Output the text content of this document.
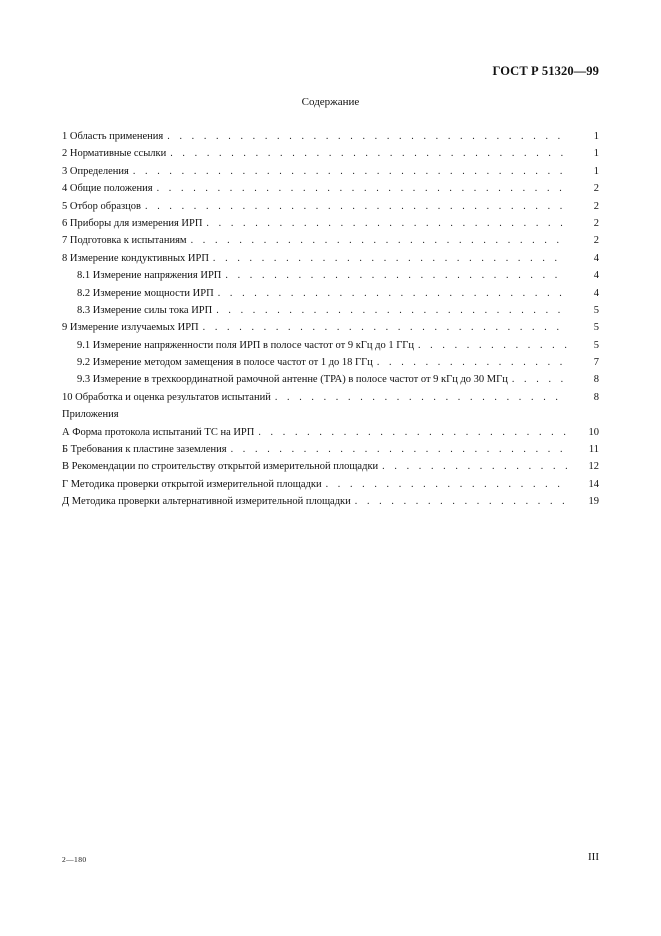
ГОСТ Р 51320—99
Содержание
1 Область применения . . .	1
2 Нормативные ссылки . . .	1
3 Определения . . .	1
4 Общие положения . . .	2
5 Отбор образцов . . .	2
6 Приборы для измерения ИРП . . .	2
7 Подготовка к испытаниям . . .	2
8 Измерение кондуктивных ИРП . . .	4
8.1 Измерение напряжения ИРП . . .	4
8.2 Измерение мощности ИРП . . .	4
8.3 Измерение силы тока ИРП . . .	5
9 Измерение излучаемых ИРП . . .	5
9.1 Измерение напряженности поля ИРП в полосе частот от 9 кГц до 1 ГГц . . .	5
9.2 Измерение методом замещения в полосе частот от 1 до 18 ГГц . . .	7
9.3 Измерение в трехкоординатной рамочной антенне (ТРА) в полосе частот от 9 кГц до 30 МГц . . .	8
10 Обработка и оценка результатов испытаний . . .	8
Приложения
А Форма протокола испытаний ТС на ИРП . . .	10
Б Требования к пластине заземления . . .	11
В Рекомендации по строительству открытой измерительной площадки . . .	12
Г Методика проверки открытой измерительной площадки . . .	14
Д Методика проверки альтернативной измерительной площадки . . .	19
2—180	III
